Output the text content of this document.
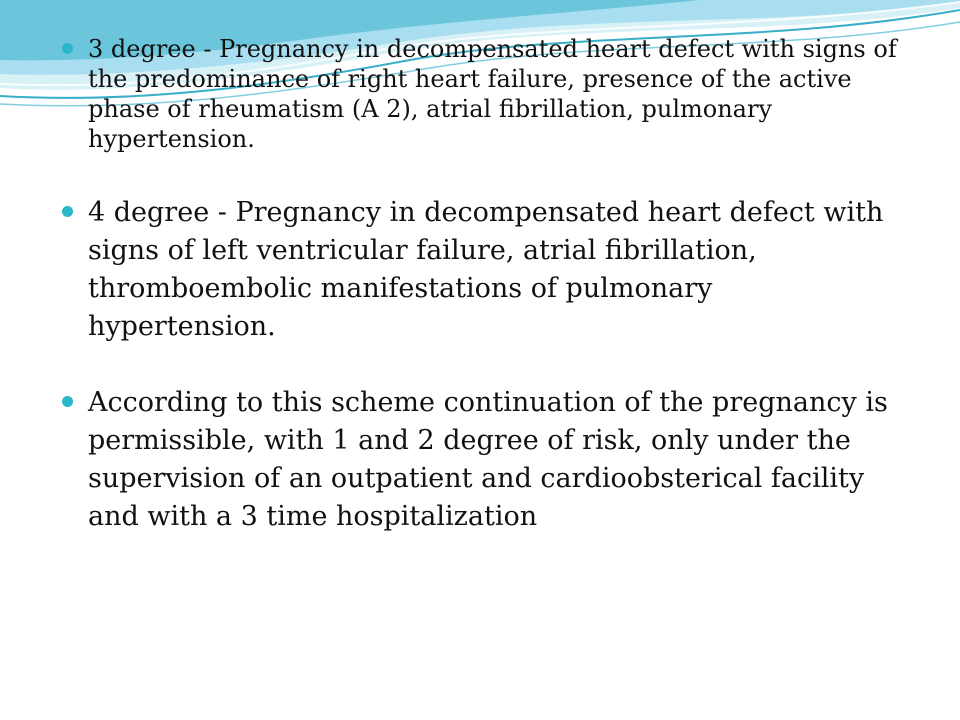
3 degree - Pregnancy in decompensated heart defect with signs of the predominance of right heart failure, presence of the active phase of rheumatism (A 2), atrial fibrillation, pulmonary hypertension.
4 degree - Pregnancy in decompensated heart defect with signs of left ventricular failure, atrial fibrillation, thromboembolic manifestations of pulmonary hypertension.
According to this scheme continuation of the pregnancy is permissible, with 1 and 2 degree of risk, only under the supervision of an outpatient and cardioobsterical facility and with a 3 time hospitalization
